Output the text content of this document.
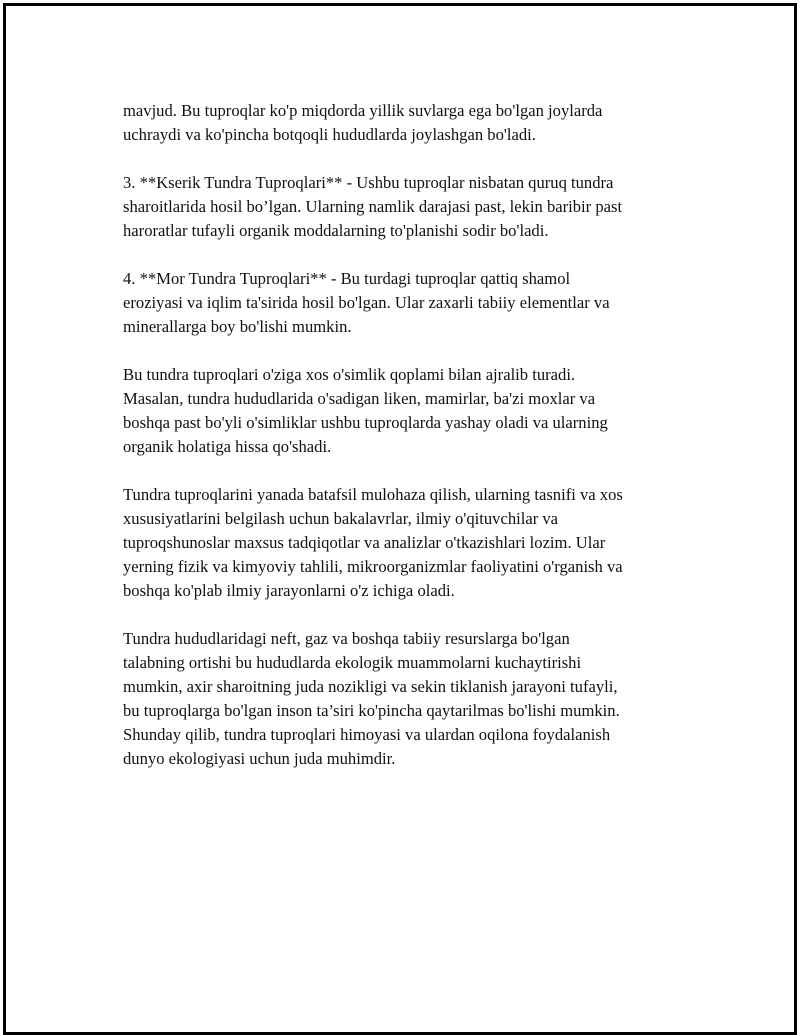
mavjud. Bu tuproqlar ko'p miqdorda yillik suvlarga ega bo'lgan joylarda
uchraydi va ko'pincha botqoqli hududlarda joylashgan bo'ladi.

3. **Kserik Tundra Tuproqlari** - Ushbu tuproqlar nisbatan quruq tundra
sharoitlarida hosil bo’lgan. Ularning namlik darajasi past, lekin baribir past
haroratlar tufayli organik moddalarning to'planishi sodir bo'ladi.

4. **Mor Tundra Tuproqlari** - Bu turdagi tuproqlar qattiq shamol
eroziyasi va iqlim ta'sirida hosil bo'lgan. Ular zaxarli tabiiy elementlar va
minerallarga boy bo'lishi mumkin.

Bu tundra tuproqlari o'ziga xos o'simlik qoplami bilan ajralib turadi.
Masalan, tundra hududlarida o'sadigan liken, mamirlar, ba'zi moxlar va
boshqa past bo'yli o'simliklar ushbu tuproqlarda yashay oladi va ularning
organik holatiga hissa qo'shadi.

Tundra tuproqlarini yanada batafsil mulohaza qilish, ularning tasnifi va xos
xususiyatlarini belgilash uchun bakalavrlar, ilmiy o'qituvchilar va
tuproqshunoslar maxsus tadqiqotlar va analizlar o'tkazishlari lozim. Ular
yerning fizik va kimyoviy tahlili, mikroorganizmlar faoliyatini o'rganish va
boshqa ko'plab ilmiy jarayonlarni o'z ichiga oladi.

Tundra hududlaridagi neft, gaz va boshqa tabiiy resurslarga bo'lgan
talabning ortishi bu hududlarda ekologik muammolarni kuchaytirishi
mumkin, axir sharoitning juda nozikligi va sekin tiklanish jarayoni tufayli,
bu tuproqlarga bo'lgan inson ta’siri ko'pincha qaytarilmas bo'lishi mumkin.
Shunday qilib, tundra tuproqlari himoyasi va ulardan oqilona foydalanish
dunyo ekologiyasi uchun juda muhimdir.
